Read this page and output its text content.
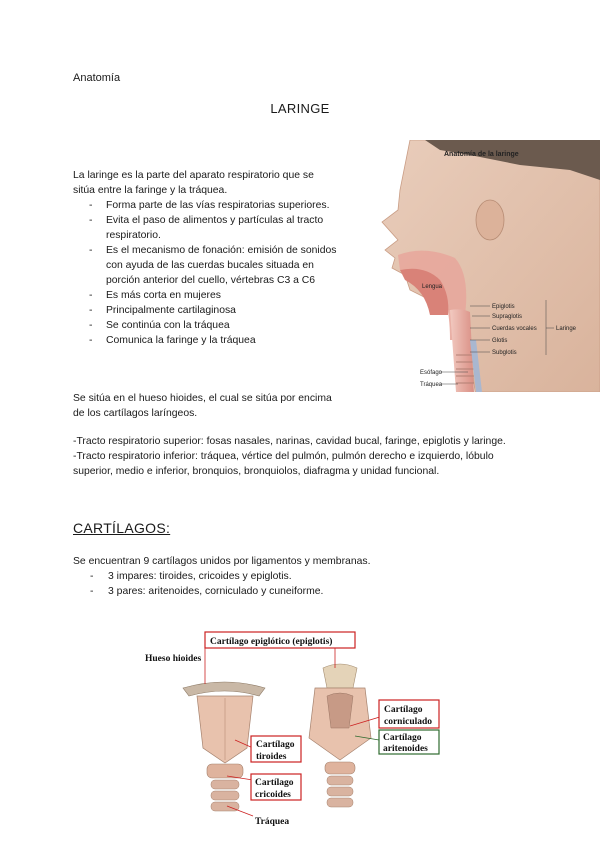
Anatomía
LARINGE

La laringe es la parte del aparato respiratorio que se sitúa entre la faringe y la tráquea.

- Forma parte de las vías respiratorias superiores.
- Evita el paso de alimentos y partículas al tracto respiratorio.
- Es el mecanismo de fonación: emisión de sonidos con ayuda de las cuerdas bucales situada en porción anterior del cuello, vértebras C3 a C6
- Es más corta en mujeres
- Principalmente cartilaginosa
- Se continúa con la tráquea
- Comunica la faringe y la tráquea
Se sitúa en el hueso hioides, el cual se sitúa por encima de los cartílagos laríngeos.

-Tracto respiratorio superior: fosas nasales, narinas, cavidad bucal, faringe, epiglotis y laringe.

-Tracto respiratorio inferior: tráquea, vértice del pulmón, pulmón derecho e izquierdo, lóbulo superior, medio e inferior, bronquios, bronquiolos, diafragma y unidad funcional.

CARTÍLAGOS:
Se encuentran 9 cartílagos unidos por ligamentos y membranas.
- 3 impares: tiroides, cricoides y epiglotis.
- 3 pares: aritenoides, corniculado y cuneiforme.
Anatomía de la laringe
Lengua
Epiglotis
Supraglotis
Cuerdas vocales
Glotis
Subglotis
Laringe
Esófago
Tráquea
Hueso hioides
Cartílago epiglótico (epiglotis)
Cartílago
corniculado
Cartílago
aritenoides
Cartílago
tiroides
Cartílago
cricoides
Tráquea
